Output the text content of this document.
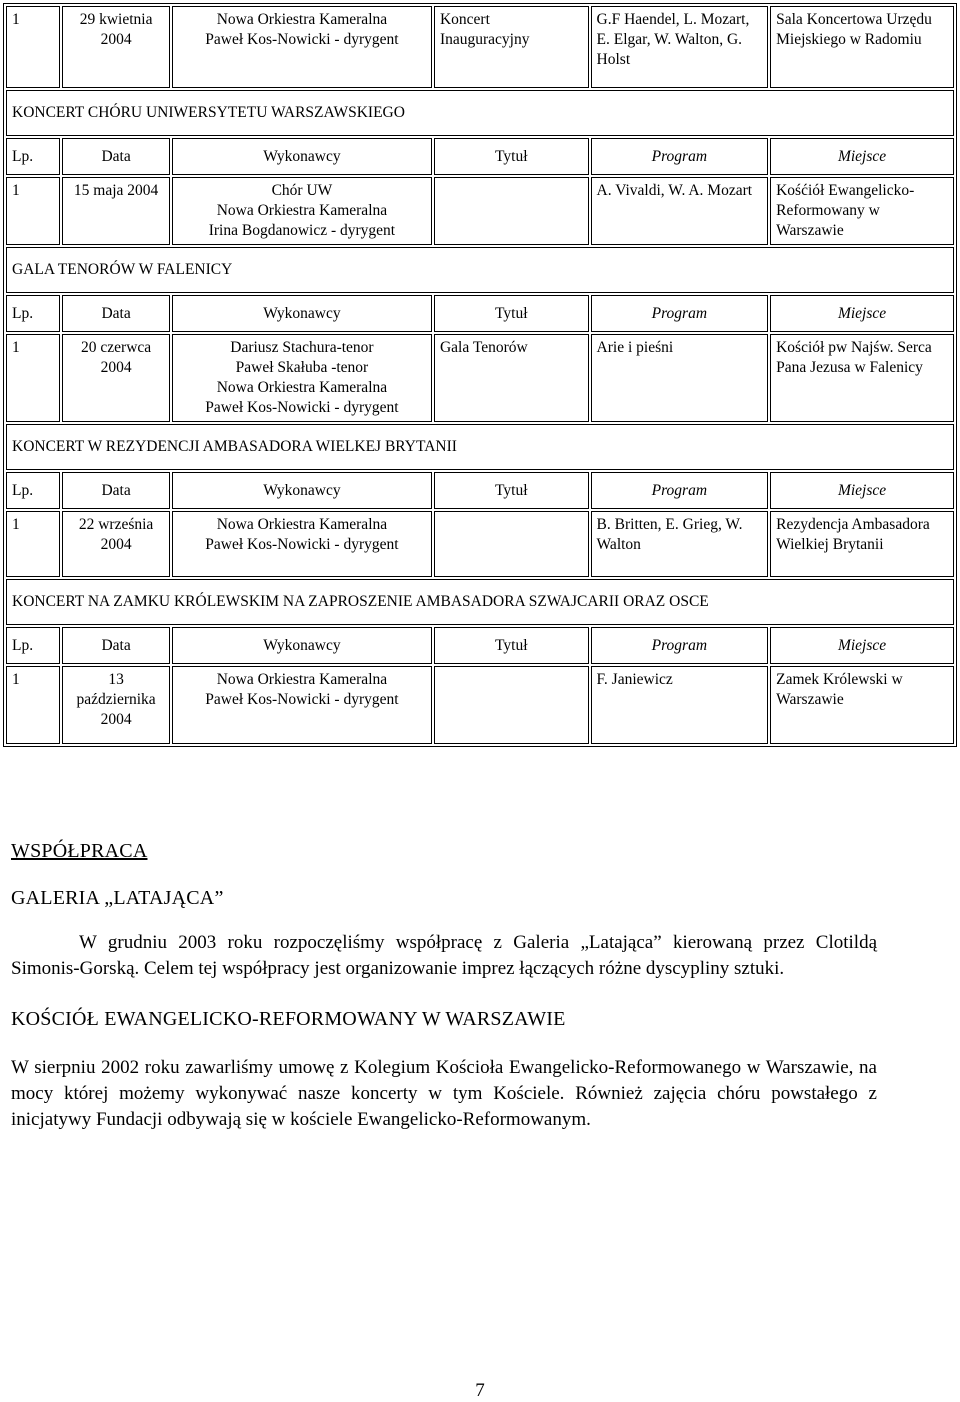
1	29 kwietnia 2004	Nowa Orkiestra Kameralna
Paweł Kos-Nowicki - dyrygent	Koncert Inauguracyjny	G.F Haendel, L. Mozart, E. Elgar, W. Walton, G. Holst	Sala Koncertowa Urzędu Miejskiego w Radomiu
KONCERT CHÓRU UNIWERSYTETU WARSZAWSKIEGO					
Lp.	Data	Wykonawcy	Tytuł	Program	Miejsce
1	15 maja 2004	Chór UW
Nowa Orkiestra Kameralna
Irina Bogdanowicz - dyrygent		A. Vivaldi, W. A. Mozart	Kośćiół Ewangelicko-Reformowany w Warszawie
GALA TENORÓW W FALENICY					
Lp.	Data	Wykonawcy	Tytuł	Program	Miejsce
1	20 czerwca 2004	Dariusz Stachura-tenor
Paweł Skałuba -tenor
Nowa Orkiestra Kameralna
Paweł Kos-Nowicki - dyrygent	Gala Tenorów	Arie i pieśni	Kościół pw Najśw. Serca Pana Jezusa w Falenicy
KONCERT W REZYDENCJI AMBASADORA WIELKEJ BRYTANII					
Lp.	Data	Wykonawcy	Tytuł	Program	Miejsce
1	22 września 2004	Nowa Orkiestra Kameralna
Paweł Kos-Nowicki - dyrygent		B. Britten, E. Grieg, W. Walton	Rezydencja Ambasadora Wielkiej Brytanii
KONCERT NA ZAMKU KRÓLEWSKIM NA ZAPROSZENIE AMBASADORA SZWAJCARII ORAZ OSCE					
Lp.	Data	Wykonawcy	Tytuł	Program	Miejsce
1	13 października 2004	Nowa Orkiestra Kameralna
Paweł Kos-Nowicki - dyrygent		F. Janiewicz	Zamek Królewski w Warszawie
WSPÓŁPRACA
GALERIA „LATAJĄCA”

W grudniu 2003 roku rozpoczęliśmy współpracę z Galeria „Latająca” kierowaną przez Clotildą Simonis-Gorską. Celem tej współpracy jest organizowanie imprez łączących różne dyscypliny sztuki.

KOŚCIÓŁ EWANGELICKO-REFORMOWANY W WARSZAWIE

W sierpniu 2002 roku zawarliśmy umowę z Kolegium Kościoła Ewangelicko-Reformowanego w Warszawie, na mocy której możemy wykonywać nasze koncerty w tym Kościele. Również zajęcia chóru powstałego z inicjatywy Fundacji odbywają się w kościele Ewangelicko-Reformowanym.

7
